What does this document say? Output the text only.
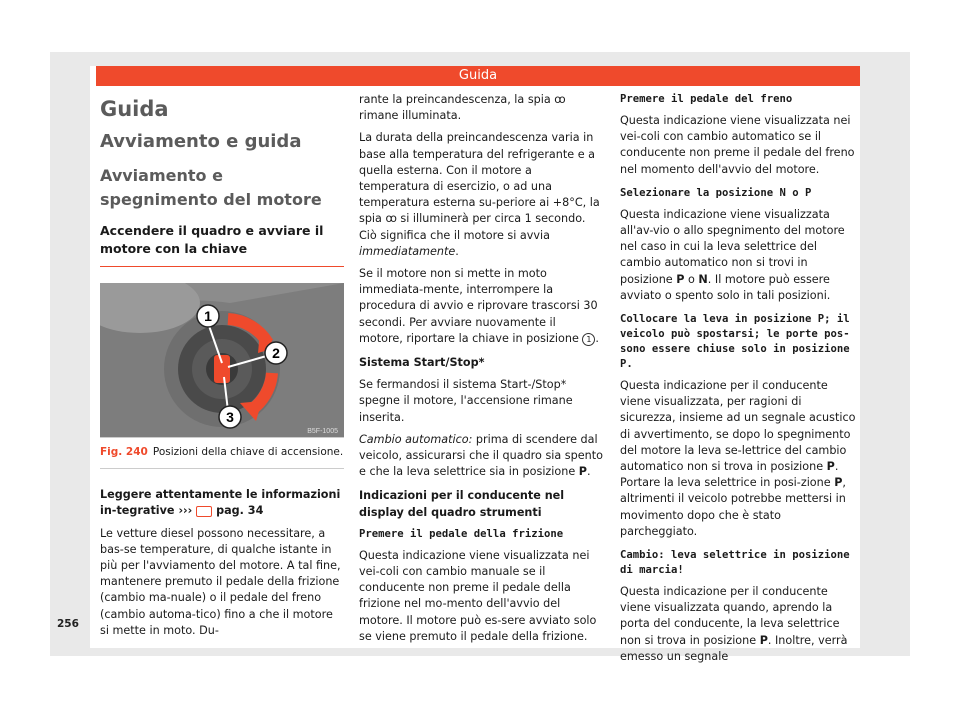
Guida
Guida
Avviamento e guida
Avviamento e spegnimento del motore
Accendere il quadro e avviare il motore con la chiave
1
2
3
B5F-1005
Fig. 240 Posizioni della chiave di accensione.

Leggere attentamente le informazioni in-tegrative ››› pag. 34

Le vetture diesel possono necessitare, a bas-se temperature, di qualche istante in più per l'avviamento del motore. A tal fine, mantenere premuto il pedale della frizione (cambio ma-nuale) o il pedale del freno (cambio automa-tico) fino a che il motore si mette in moto. Du-

rante la preincandescenza, la spia ꝏ rimane illuminata.

La durata della preincandescenza varia in base alla temperatura del refrigerante e a quella esterna. Con il motore a temperatura di esercizio, o ad una temperatura esterna su-periore ai +8°C, la spia ꝏ si illuminerà per circa 1 secondo. Ciò significa che il motore si avvia immediatamente.

Se il motore non si mette in moto immediata-mente, interrompere la procedura di avvio e riprovare trascorsi 30 secondi. Per avviare nuovamente il motore, riportare la chiave in posizione 1 .

Sistema Start/Stop*

Se fermandosi il sistema Start-/Stop* spegne il motore, l'accensione rimane inserita.

Cambio automatico: prima di scendere dal veicolo, assicurarsi che il quadro sia spento e che la leva selettrice sia in posizione P.

Indicazioni per il conducente nel display del quadro strumenti

Premere il pedale della frizione

Questa indicazione viene visualizzata nei vei-coli con cambio manuale se il conducente non preme il pedale della frizione nel mo-mento dell'avvio del motore. Il motore può es-sere avviato solo se viene premuto il pedale della frizione.

Premere il pedale del freno

Questa indicazione viene visualizzata nei vei-coli con cambio automatico se il conducente non preme il pedale del freno nel momento dell'avvio del motore.

Selezionare la posizione N o P

Questa indicazione viene visualizzata all'av-vio o allo spegnimento del motore nel caso in cui la leva selettrice del cambio automatico non si trovi in posizione P o N. Il motore può essere avviato o spento solo in tali posizioni.

Collocare la leva in posizione P; il veicolo può spostarsi; le porte pos-sono essere chiuse solo in posizione P.

Questa indicazione per il conducente viene visualizzata, per ragioni di sicurezza, insieme ad un segnale acustico di avvertimento, se dopo lo spegnimento del motore la leva se-lettrice del cambio automatico non si trova in posizione P. Portare la leva selettrice in posi-zione P, altrimenti il veicolo potrebbe mettersi in movimento dopo che è stato parcheggiato.

Cambio: leva selettrice in posizione di marcia!

Questa indicazione per il conducente viene visualizzata quando, aprendo la porta del conducente, la leva selettrice non si trova in posizione P. Inoltre, verrà emesso un segnale

256
